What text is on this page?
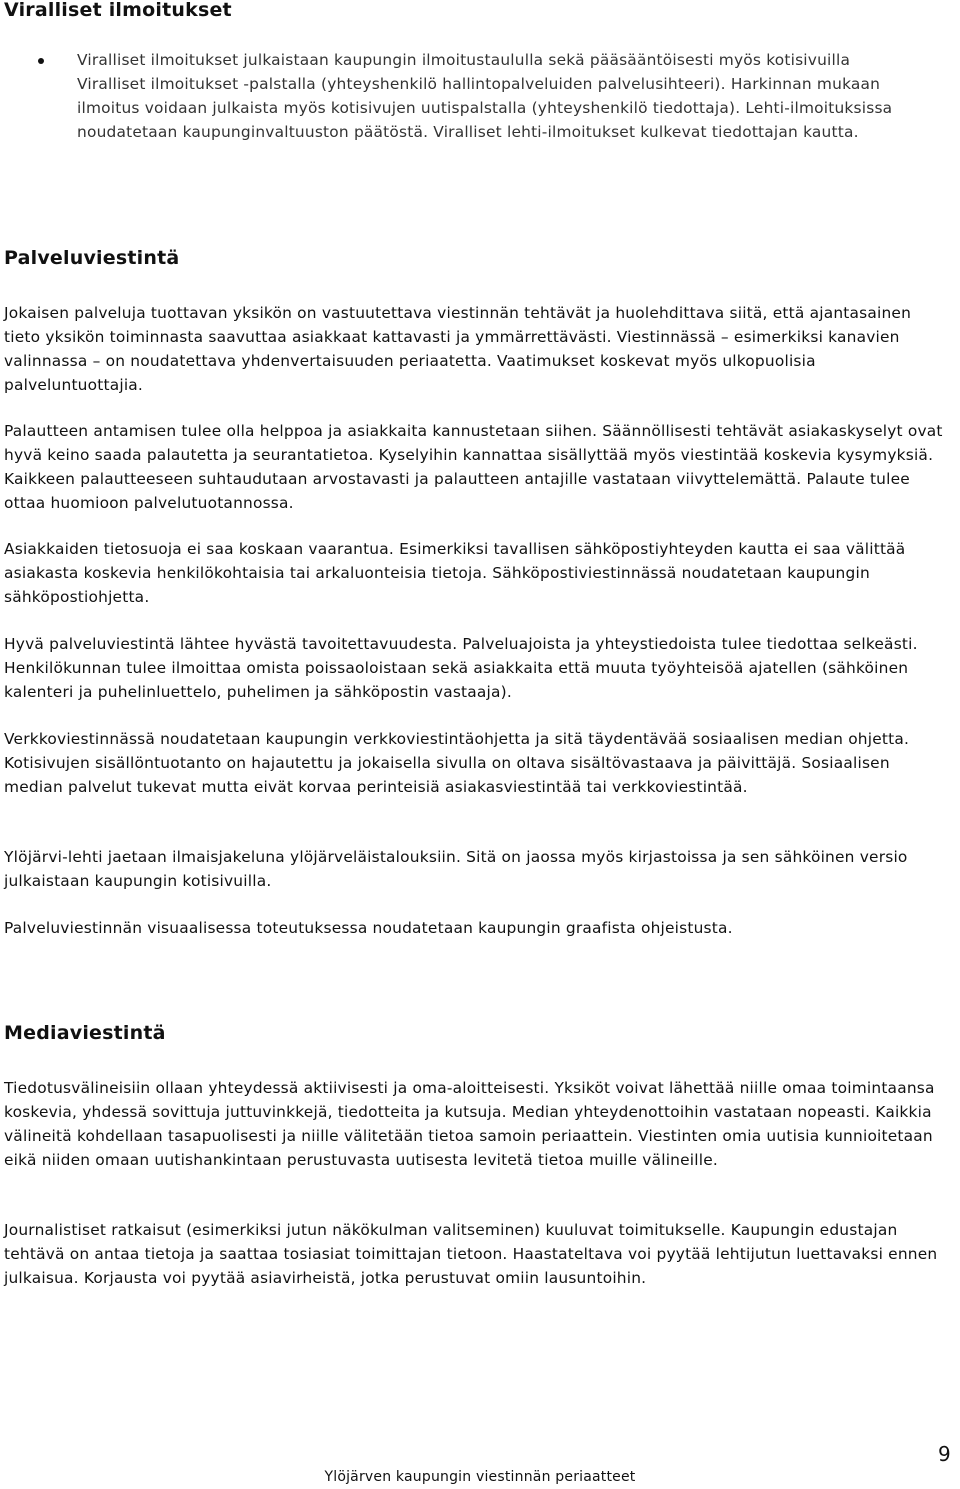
Viralliset ilmoitukset
Viralliset ilmoitukset julkaistaan kaupungin ilmoitustaululla sekä pääsääntöisesti myös kotisivuilla Viralliset ilmoitukset -palstalla (yhteyshenkilö hallintopalveluiden palvelusihteeri). Harkinnan mukaan ilmoitus voidaan julkaista myös kotisivujen uutispalstalla (yhteyshenkilö tiedottaja). Lehti-ilmoituksissa noudatetaan kaupunginvaltuuston päätöstä. Viralliset lehti-ilmoitukset kulkevat tiedottajan kautta.
Palveluviestintä

Jokaisen palveluja tuottavan yksikön on vastuutettava viestinnän tehtävät ja huolehdittava siitä, että ajantasainen tieto yksikön toiminnasta saavuttaa asiakkaat kattavasti ja ymmärrettävästi. Viestinnässä – esimerkiksi kanavien valinnassa – on noudatettava yhdenvertaisuuden periaatetta. Vaatimukset koskevat myös ulkopuolisia palveluntuottajia.

Palautteen antamisen tulee olla helppoa ja asiakkaita kannustetaan siihen. Säännöllisesti tehtävät asiakaskyselyt ovat hyvä keino saada palautetta ja seurantatietoa. Kyselyihin kannattaa sisällyttää myös viestintää koskevia kysymyksiä. Kaikkeen palautteeseen suhtaudutaan arvostavasti ja palautteen antajille vastataan viivyttelemättä. Palaute tulee ottaa huomioon palvelutuotannossa.

Asiakkaiden tietosuoja ei saa koskaan vaarantua. Esimerkiksi tavallisen sähköpostiyhteyden kautta ei saa välittää asiakasta koskevia henkilökohtaisia tai arkaluonteisia tietoja. Sähköpostiviestinnässä noudatetaan kaupungin sähköpostiohjetta.

Hyvä palveluviestintä lähtee hyvästä tavoitettavuudesta. Palveluajoista ja yhteystiedoista tulee tiedottaa selkeästi. Henkilökunnan tulee ilmoittaa omista poissaoloistaan sekä asiakkaita että muuta työyhteisöä ajatellen (sähköinen kalenteri ja puhelinluettelo, puhelimen ja sähköpostin vastaaja).

Verkkoviestinnässä noudatetaan kaupungin verkkoviestintäohjetta ja sitä täydentävää sosiaalisen median ohjetta. Kotisivujen sisällöntuotanto on hajautettu ja jokaisella sivulla on oltava sisältövastaava ja päivittäjä. Sosiaalisen median palvelut tukevat mutta eivät korvaa perinteisiä asiakasviestintää tai verkkoviestintää.

Ylöjärvi-lehti jaetaan ilmaisjakeluna ylöjärveläistalouksiin. Sitä on jaossa myös kirjastoissa ja sen sähköinen versio julkaistaan kaupungin kotisivuilla.

Palveluviestinnän visuaalisessa toteutuksessa noudatetaan kaupungin graafista ohjeistusta.

Mediaviestintä

Tiedotusvälineisiin ollaan yhteydessä aktiivisesti ja oma-aloitteisesti. Yksiköt voivat lähettää niille omaa toimintaansa koskevia, yhdessä sovittuja juttuvinkkejä, tiedotteita ja kutsuja. Median yhteydenottoihin vastataan nopeasti. Kaikkia välineitä kohdellaan tasapuolisesti ja niille välitetään tietoa samoin periaattein. Viestinten omia uutisia kunnioitetaan eikä niiden omaan uutishankintaan perustuvasta uutisesta levitetä tietoa muille välineille.

Journalistiset ratkaisut (esimerkiksi jutun näkökulman valitseminen) kuuluvat toimitukselle. Kaupungin edustajan tehtävä on antaa tietoja ja saattaa tosiasiat toimittajan tietoon. Haastateltava voi pyytää lehtijutun luettavaksi ennen julkaisua. Korjausta voi pyytää asiavirheistä, jotka perustuvat omiin lausuntoihin.

9
Ylöjärven kaupungin viestinnän periaatteet
